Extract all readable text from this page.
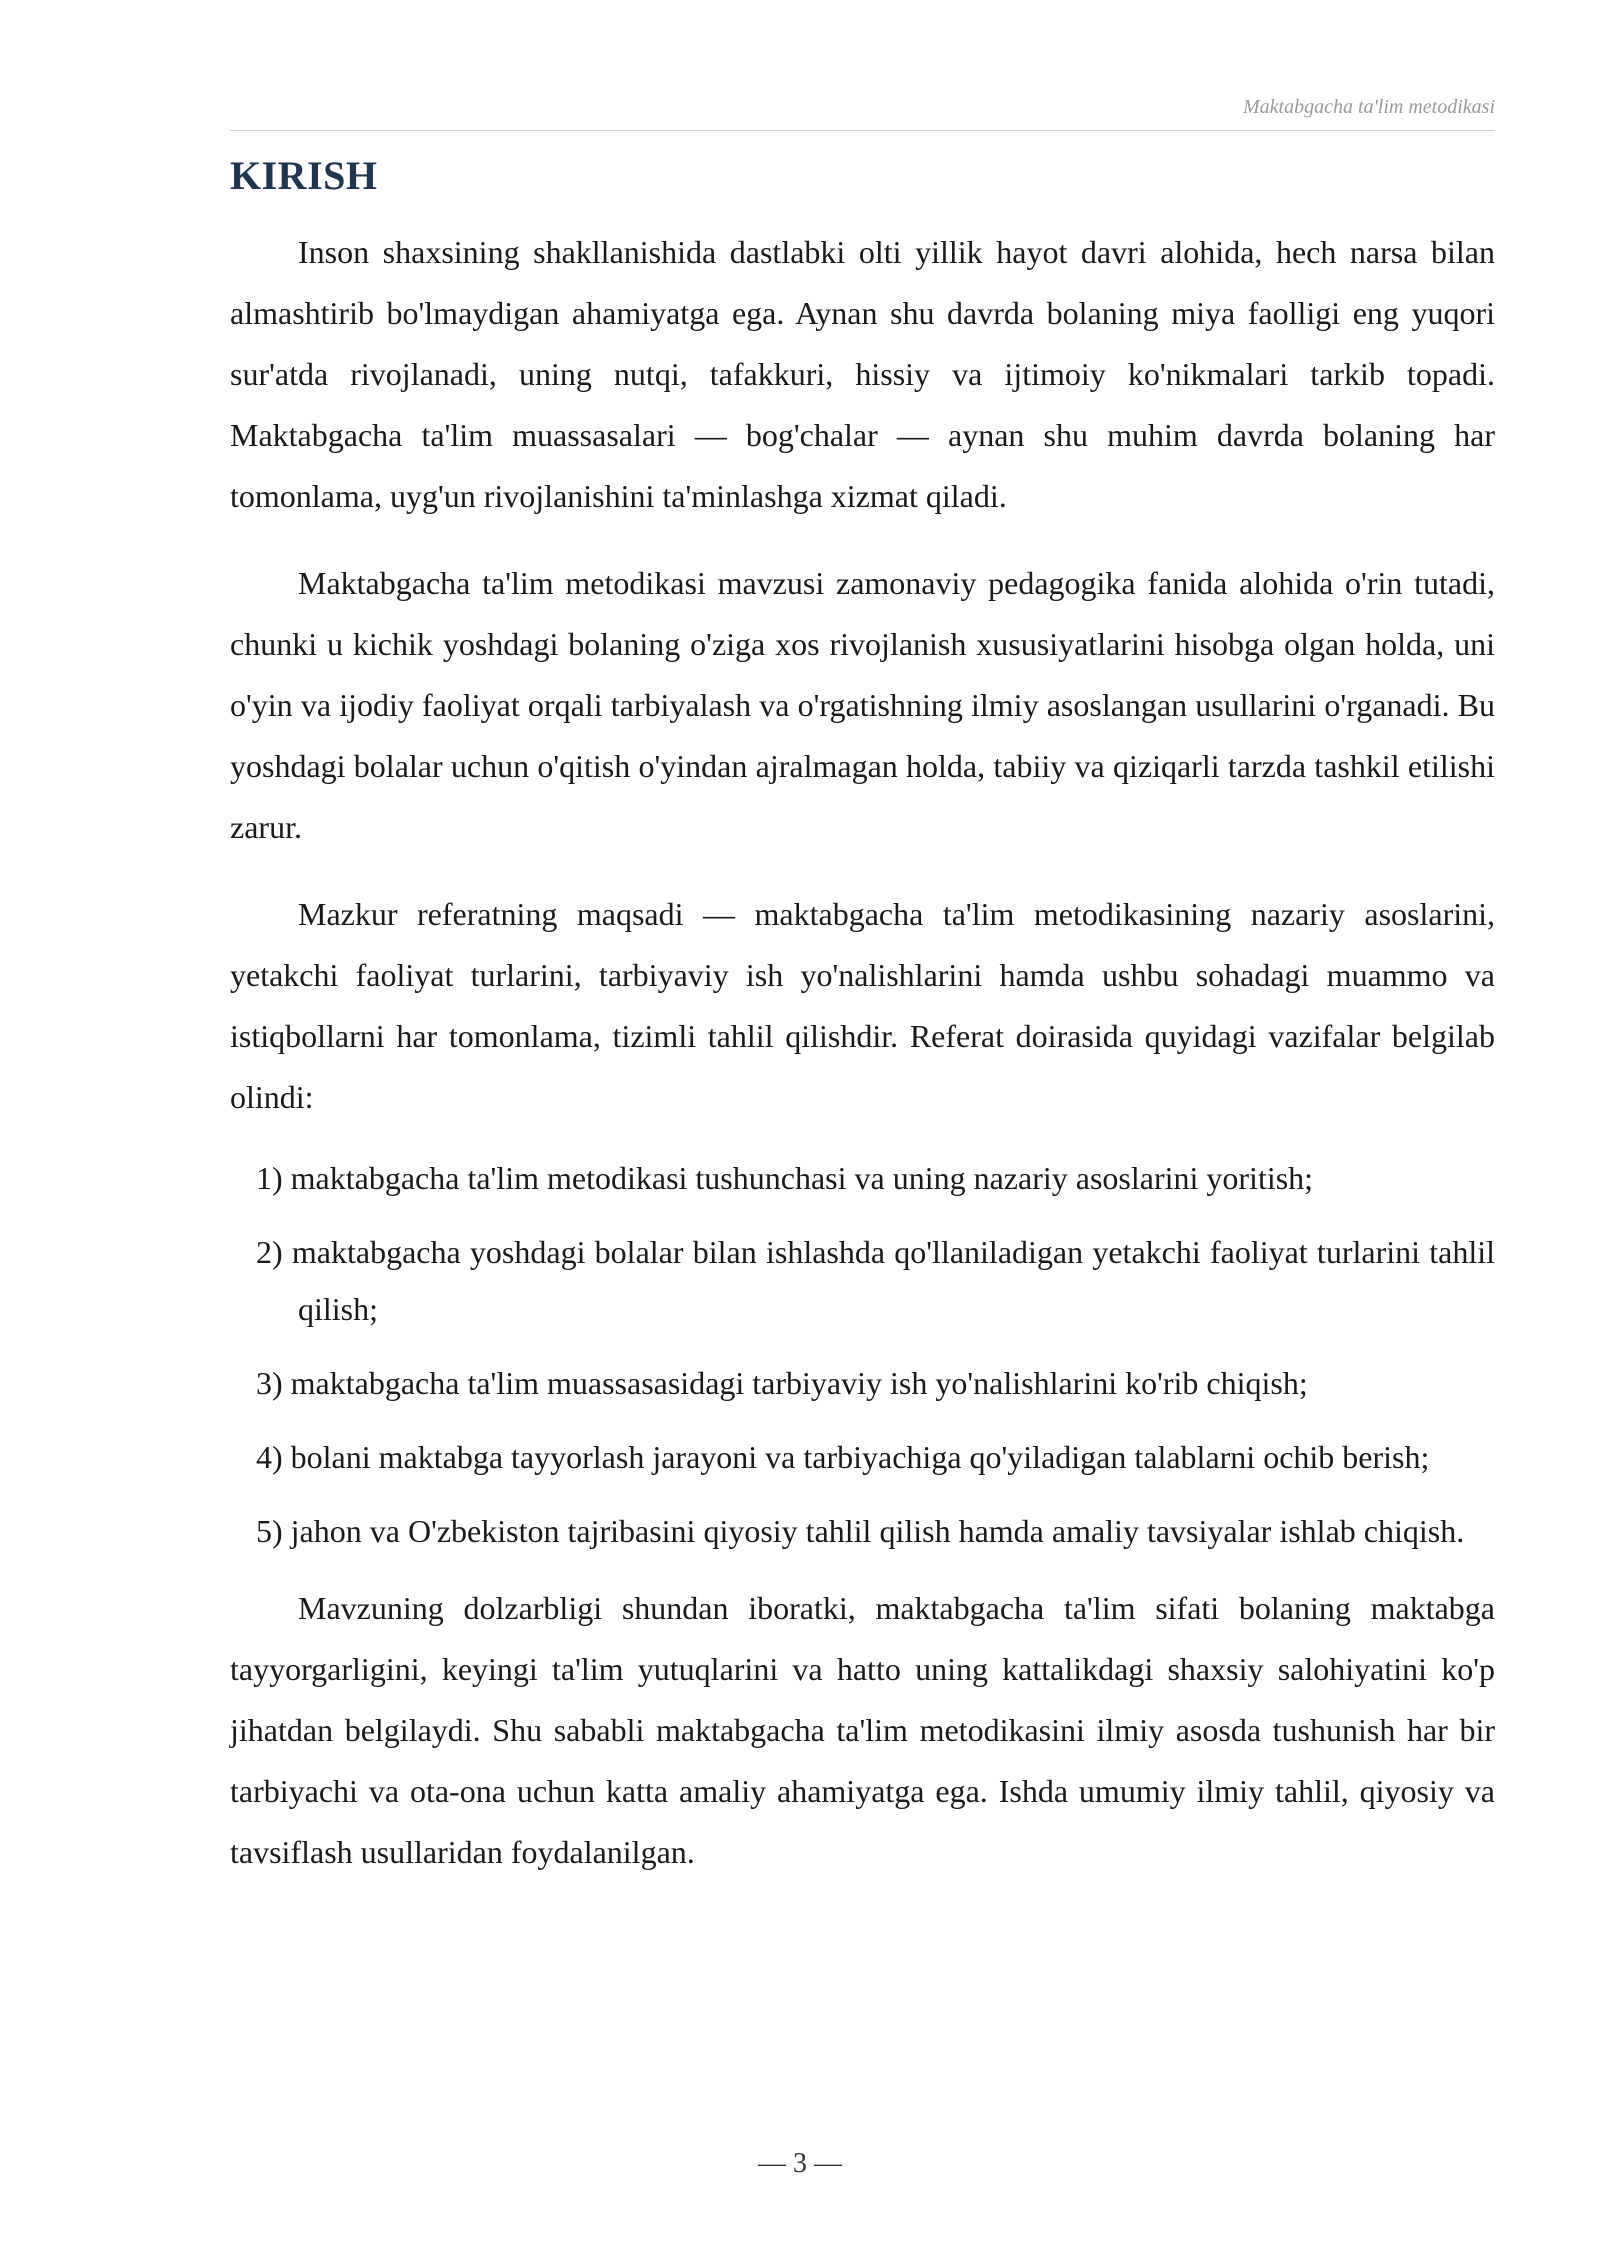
Maktabgacha ta'lim metodikasi
KIRISH

Inson shaxsining shakllanishida dastlabki olti yillik hayot davri alohida, hech narsa bilan almashtirib bo'lmaydigan ahamiyatga ega. Aynan shu davrda bolaning miya faolligi eng yuqori sur'atda rivojlanadi, uning nutqi, tafakkuri, hissiy va ijtimoiy ko'nikmalari tarkib topadi. Maktabgacha ta'lim muassasalari — bog'chalar — aynan shu muhim davrda bolaning har tomonlama, uyg'un rivojlanishini ta'minlashga xizmat qiladi.

Maktabgacha ta'lim metodikasi mavzusi zamonaviy pedagogika fanida alohida o'rin tutadi, chunki u kichik yoshdagi bolaning o'ziga xos rivojlanish xususiyatlarini hisobga olgan holda, uni o'yin va ijodiy faoliyat orqali tarbiyalash va o'rgatishning ilmiy asoslangan usullarini o'rganadi. Bu yoshdagi bolalar uchun o'qitish o'yindan ajralmagan holda, tabiiy va qiziqarli tarzda tashkil etilishi zarur.

Mazkur referatning maqsadi — maktabgacha ta'lim metodikasining nazariy asoslarini, yetakchi faoliyat turlarini, tarbiyaviy ish yo'nalishlarini hamda ushbu sohadagi muammo va istiqbollarni har tomonlama, tizimli tahlil qilishdir. Referat doirasida quyidagi vazifalar belgilab olindi:

1) maktabgacha ta'lim metodikasi tushunchasi va uning nazariy asoslarini yoritish;
2) maktabgacha yoshdagi bolalar bilan ishlashda qo'llaniladigan yetakchi faoliyat turlarini tahlil qilish;
3) maktabgacha ta'lim muassasasidagi tarbiyaviy ish yo'nalishlarini ko'rib chiqish;
4) bolani maktabga tayyorlash jarayoni va tarbiyachiga qo'yiladigan talablarni ochib berish;
5) jahon va O'zbekiston tajribasini qiyosiy tahlil qilish hamda amaliy tavsiyalar ishlab chiqish.

Mavzuning dolzarbligi shundan iboratki, maktabgacha ta'lim sifati bolaning maktabga tayyorgarligini, keyingi ta'lim yutuqlarini va hatto uning kattalikdagi shaxsiy salohiyatini ko'p jihatdan belgilaydi. Shu sababli maktabgacha ta'lim metodikasini ilmiy asosda tushunish har bir tarbiyachi va ota-ona uchun katta amaliy ahamiyatga ega. Ishda umumiy ilmiy tahlil, qiyosiy va tavsiflash usullaridan foydalanilgan.

— 3 —
